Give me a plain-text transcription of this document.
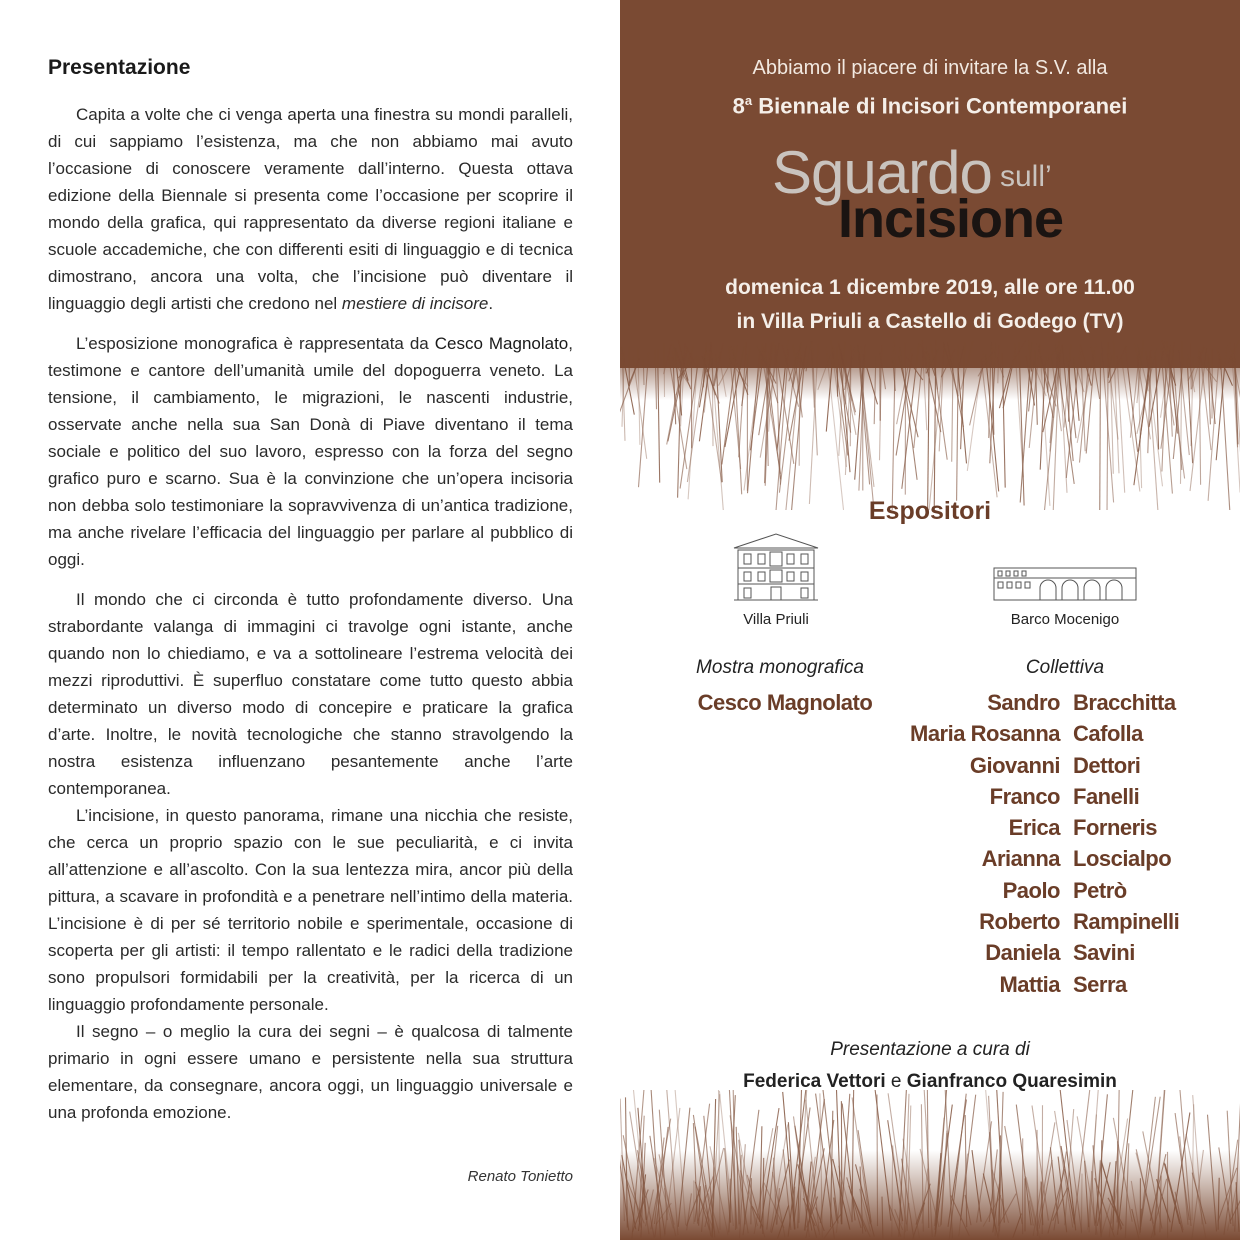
Presentazione

Capita a volte che ci venga aperta una finestra su mondi paralleli, di cui sappiamo l’esistenza, ma che non abbiamo mai avuto l’occasione di conoscere veramente dall’interno. Questa ottava edizione della Biennale si presenta come l’occasione per scoprire il mondo della grafica, qui rappresentato da diverse regioni italiane e scuole accademiche, che con differenti esiti di linguaggio e di tecnica dimostrano, ancora una volta, che l’incisione può diventare il linguaggio degli artisti che credono nel mestiere di incisore.

L’esposizione monografica è rappresentata da Cesco Magnolato, testimone e cantore dell’umanità umile del dopoguerra veneto. La tensione, il cambiamento, le migrazioni, le nascenti industrie, osservate anche nella sua San Donà di Piave diventano il tema sociale e politico del suo lavoro, espresso con la forza del segno grafico puro e scarno. Sua è la convinzione che un’opera incisoria non debba solo testimoniare la sopravvivenza di un’antica tradizione, ma anche rivelare l’efficacia del linguaggio per parlare al pubblico di oggi.

Il mondo che ci circonda è tutto profondamente diverso. Una strabordante valanga di immagini ci travolge ogni istante, anche quando non lo chiediamo, e va a sottolineare l’estrema velocità dei mezzi riproduttivi. È superfluo constatare come tutto questo abbia determinato un diverso modo di concepire e praticare la grafica d’arte. Inoltre, le novità tecnologiche che stanno stravolgendo la nostra esistenza influenzano pesantemente anche l’arte contemporanea.

L’incisione, in questo panorama, rimane una nicchia che resiste, che cerca un proprio spazio con le sue peculiarità, e ci invita all’attenzione e all’ascolto. Con la sua lentezza mira, ancor più della pittura, a scavare in profondità e a penetrare nell’intimo della materia. L’incisione è di per sé territorio nobile e sperimentale, occasione di scoperta per gli artisti: il tempo rallentato e le radici della tradizione sono propulsori formidabili per la creatività, per la ricerca di un linguaggio profondamente personale.

Il segno – o meglio la cura dei segni – è qualcosa di talmente primario in ogni essere umano e persistente nella sua struttura elementare, da consegnare, ancora oggi, un linguaggio universale e una profonda emozione.

Renato Tonietto
Abbiamo il piacere di invitare la S.V. alla
8$^a$ Biennale di Incisori Contemporanei
Sguardo sull’
Incisione
domenica 1 dicembre 2019, alle ore 11.00
in Villa Priuli a Castello di Godego (TV)
Espositori
Villa Priuli	Barco Mocenigo
Mostra monografica	Collettiva
Cesco Magnolato	Sandro Bracchitta
Maria Rosanna Cafolla
Giovanni Dettori
Franco Fanelli
Erica Forneris
Arianna Loscialpo
Paolo Petrò
Roberto Rampinelli
Daniela Savini
Mattia Serra
Presentazione a cura di
Federica Vettori e Gianfranco Quaresimin
